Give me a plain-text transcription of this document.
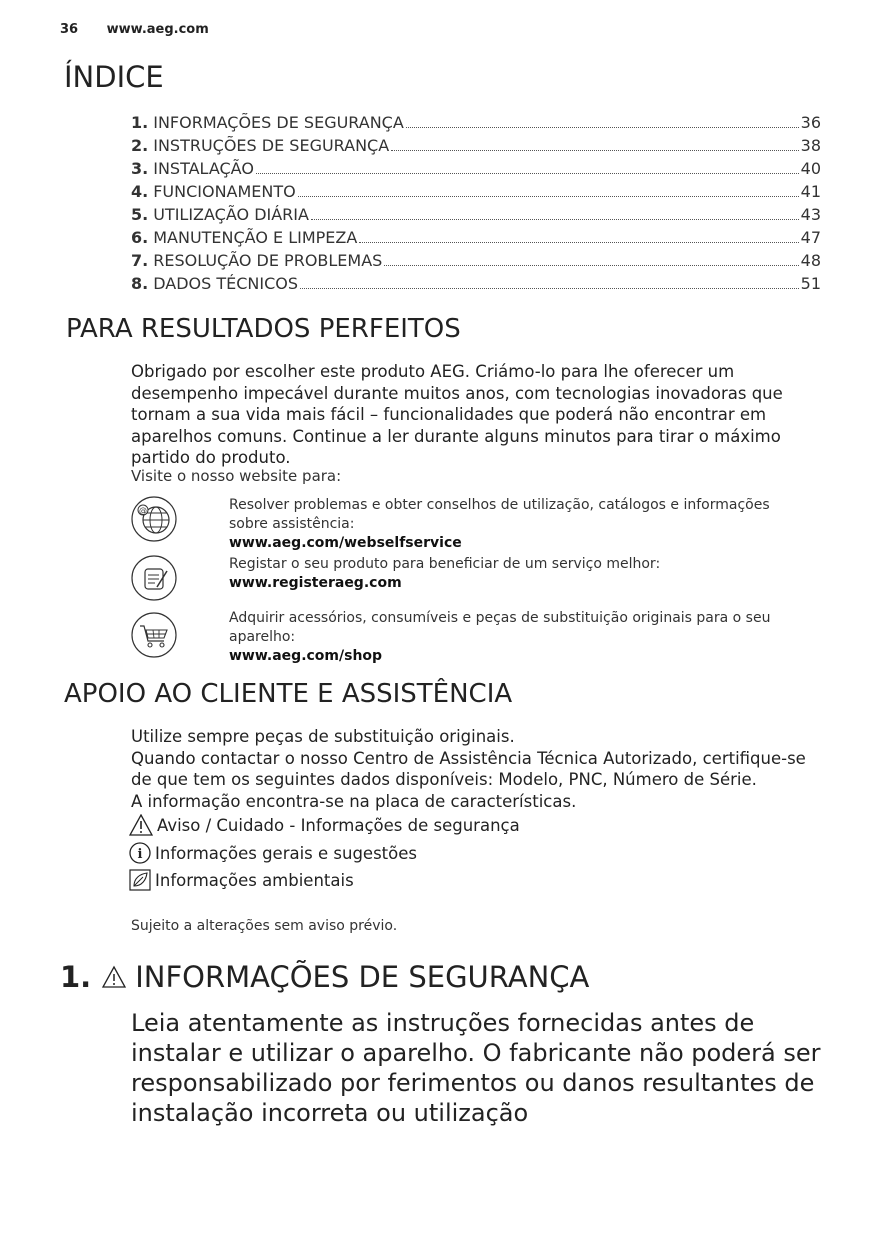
36 www.aeg.com
ÍNDICE
1. INFORMAÇÕES DE SEGURANÇA	36
2. INSTRUÇÕES DE SEGURANÇA	38
3. INSTALAÇÃO	40
4. FUNCIONAMENTO	41
5. UTILIZAÇÃO DIÁRIA	43
6. MANUTENÇÃO E LIMPEZA	47
7. RESOLUÇÃO DE PROBLEMAS	48
8. DADOS TÉCNICOS	51
PARA RESULTADOS PERFEITOS
Obrigado por escolher este produto AEG. Criámo-lo para lhe oferecer um desempenho impecável durante muitos anos, com tecnologias inovadoras que tornam a sua vida mais fácil – funcionalidades que poderá não encontrar em aparelhos comuns. Continue a ler durante alguns minutos para tirar o máximo partido do produto.
Visite o nosso website para:
@	Resolver problemas e obter conselhos de utilização, catálogos e informações sobre assistência:
www.aeg.com/webselfservice
Registar o seu produto para beneficiar de um serviço melhor:
www.registeraeg.com
Adquirir acessórios, consumíveis e peças de substituição originais para o seu aparelho:
www.aeg.com/shop
APOIO AO CLIENTE E ASSISTÊNCIA
Utilize sempre peças de substituição originais.
Quando contactar o nosso Centro de Assistência Técnica Autorizado, certifique-se de que tem os seguintes dados disponíveis: Modelo, PNC, Número de Série.
A informação encontra-se na placa de características.
Aviso / Cuidado - Informações de segurança
i Informações gerais e sugestões
Informações ambientais
Sujeito a alterações sem aviso prévio.
1. INFORMAÇÕES DE SEGURANÇA
Leia atentamente as instruções fornecidas antes de instalar e utilizar o aparelho. O fabricante não poderá ser responsabilizado por ferimentos ou danos resultantes de instalação incorreta ou utilização
